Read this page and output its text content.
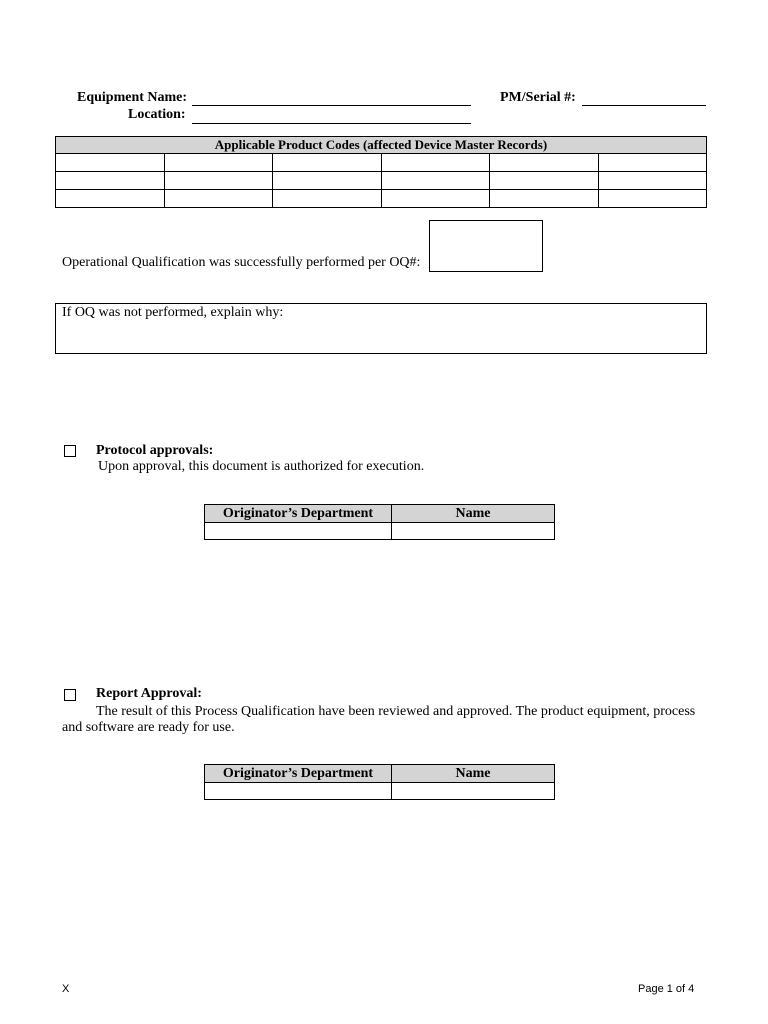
Equipment Name:
Location:
PM/Serial #:
Applicable Product Codes (affected Device Master Records)					

Operational Qualification was successfully performed per OQ#:
If OQ was not performed, explain why:
Protocol approvals:
Upon approval, this document is authorized for execution.
Originator’s Department	Name

Report Approval:
The result of this Process Qualification have been reviewed and approved. The product equipment, process
and software are ready for use.
Originator’s Department	Name

X	Page 1 of 4
